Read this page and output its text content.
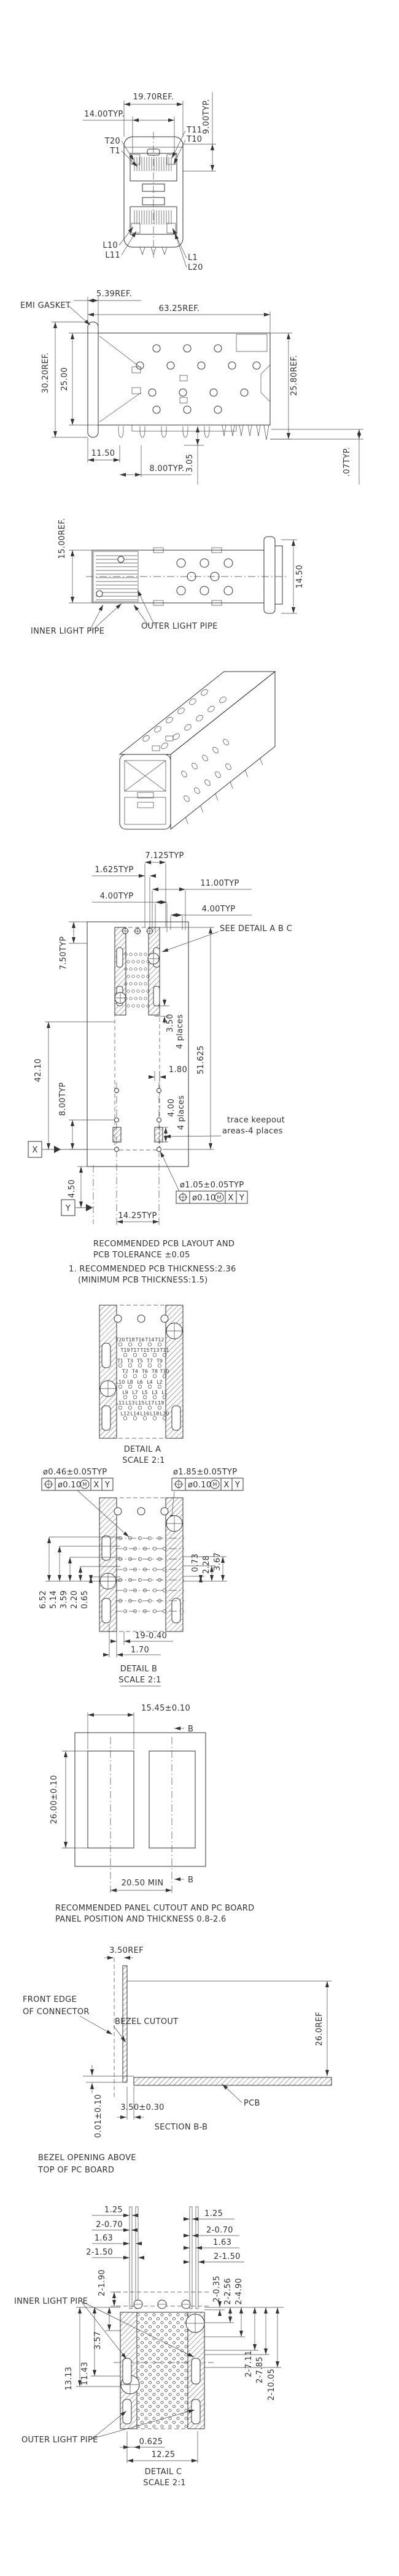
19.70REF.
14.00TYP.	9.00TYP.
T20
T1
T11
T10
L10
L11	L1
L20
EMI GASKET
5.39REF.
63.25REF.
30.20REF. 25.00	25.80REF.
11.50
8.00TYP. 3.05	.07TYP.
15.00REF.
14.50
INNER LIGHT PIPE
OUTER LIGHT PIPE
7.125TYP
1.625TYP
11.00TYP
4.00TYP
4.00TYP
7.50TYP
SEE DETAIL A B C
42.10
8.00TYP
51.625
3.50 4 places
1.80
4.00 4 places	trace keepout
areas-4 places
X
Y
4.50
14.25TYP
ø1.05±0.05TYP
ø0.10 M X Y
RECOMMENDED PCB LAYOUT AND
PCB TOLERANCE ±0.05
1. RECOMMENDED PCB THICKNESS:2.36
(MINIMUM PCB THICKNESS:1.5)
T20 T18 T16 T14 T12
T19 T17 T15 T13 T11
T1 T3 T5 T7 T9
T2 T4 T6 T8 T10
L10 L8 L6 L4 L2
L9 L7 L5 L3 L1
L11 L13 L15 L17 L19
L12 L14 L16 L18 L20
DETAIL A
SCALE 2:1
ø0.46±0.05TYP
ø0.10 M X Y
ø1.85±0.05TYP
ø0.10 M X Y
6.52 5.14 3.59 2.20 0.65
0.73 2.28 3.67
19-0.40
1.70
DETAIL B
SCALE 2:1
15.45±0.10
26.00±0.10
20.50 MIN
B
B
RECOMMENDED PANEL CUTOUT AND PC BOARD
PANEL POSITION AND THICKNESS 0.8-2.6
3.50REF
26.0REF
0.01±0.10 3.50±0.30	PCB
SECTION B-B
BEZEL CUTOUT
FRONT EDGE
OF CONNECTOR
BEZEL OPENING ABOVE
TOP OF PC BOARD
1.25
2-0.70
1.63
2-1.50
1.25
2-0.70
1.63
2-1.50
2-1.90
INNER LIGHT PIPE
3.57
11.43
13.13
2-0.35 2-2.56 2-4.90
2-7.11 2-7.85 2-10.05
OUTER LIGHT PIPE	0.625
12.25
DETAIL C
SCALE 2:1
